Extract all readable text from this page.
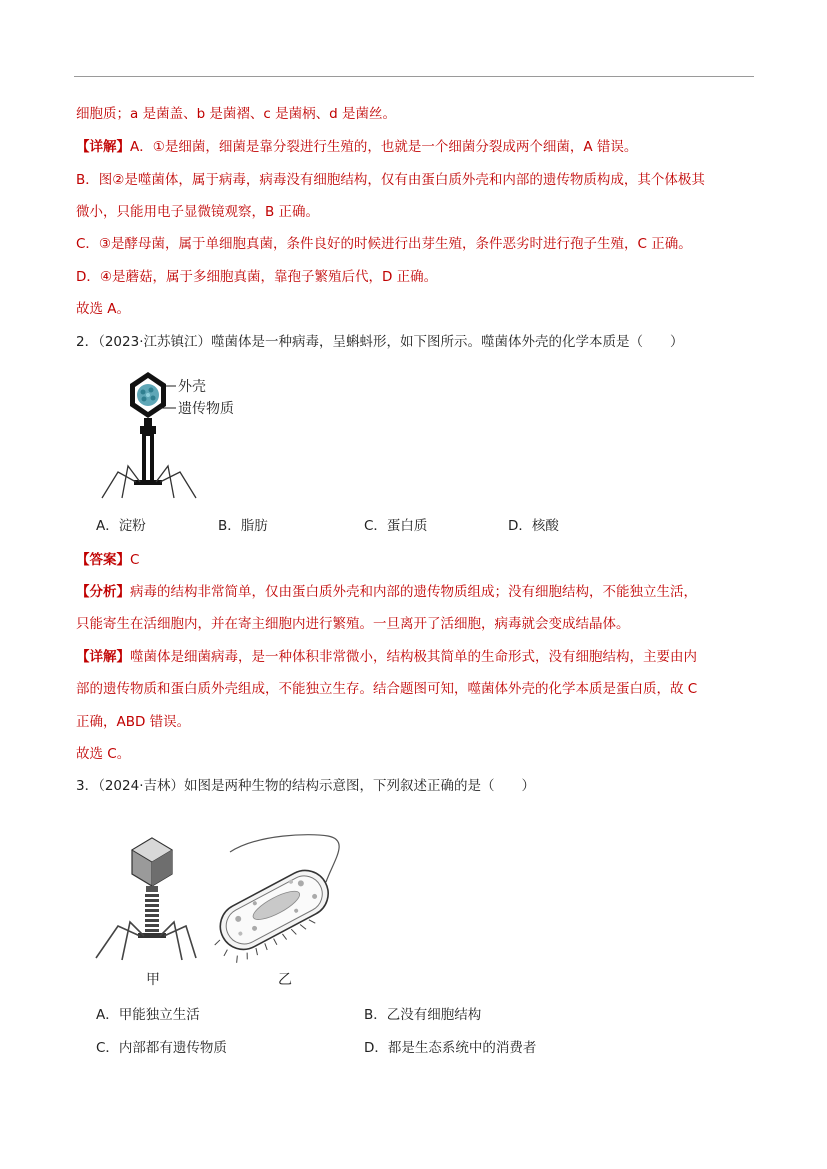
细胞质；a 是菌盖、b 是菌褶、c 是菌柄、d 是菌丝。
【详解】A．①是细菌，细菌是靠分裂进行生殖的，也就是一个细菌分裂成两个细菌，A 错误。
B．图②是噬菌体，属于病毒，病毒没有细胞结构，仅有由蛋白质外壳和内部的遗传物质构成，其个体极其
微小，只能用电子显微镜观察，B 正确。
C．③是酵母菌，属于单细胞真菌，条件良好的时候进行出芽生殖，条件恶劣时进行孢子生殖，C 正确。
D．④是蘑菇，属于多细胞真菌，靠孢子繁殖后代，D 正确。
故选 A。
2．（2023·江苏镇江）噬菌体是一种病毒，呈蝌蚪形，如下图所示。噬菌体外壳的化学本质是（　　）
外壳
遗传物质
A．淀粉	B．脂肪	C．蛋白质	D．核酸
【答案】C
【分析】病毒的结构非常简单，仅由蛋白质外壳和内部的遗传物质组成；没有细胞结构，不能独立生活，
只能寄生在活细胞内，并在寄主细胞内进行繁殖。一旦离开了活细胞，病毒就会变成结晶体。
【详解】噬菌体是细菌病毒，是一种体积非常微小，结构极其简单的生命形式，没有细胞结构，主要由内
部的遗传物质和蛋白质外壳组成，不能独立生存。结合题图可知，噬菌体外壳的化学本质是蛋白质，故 C
正确，ABD 错误。
故选 C。
3．（2024·吉林）如图是两种生物的结构示意图，下列叙述正确的是（　　）
甲	乙
A．甲能独立生活	B．乙没有细胞结构
C．内部都有遗传物质	D．都是生态系统中的消费者
